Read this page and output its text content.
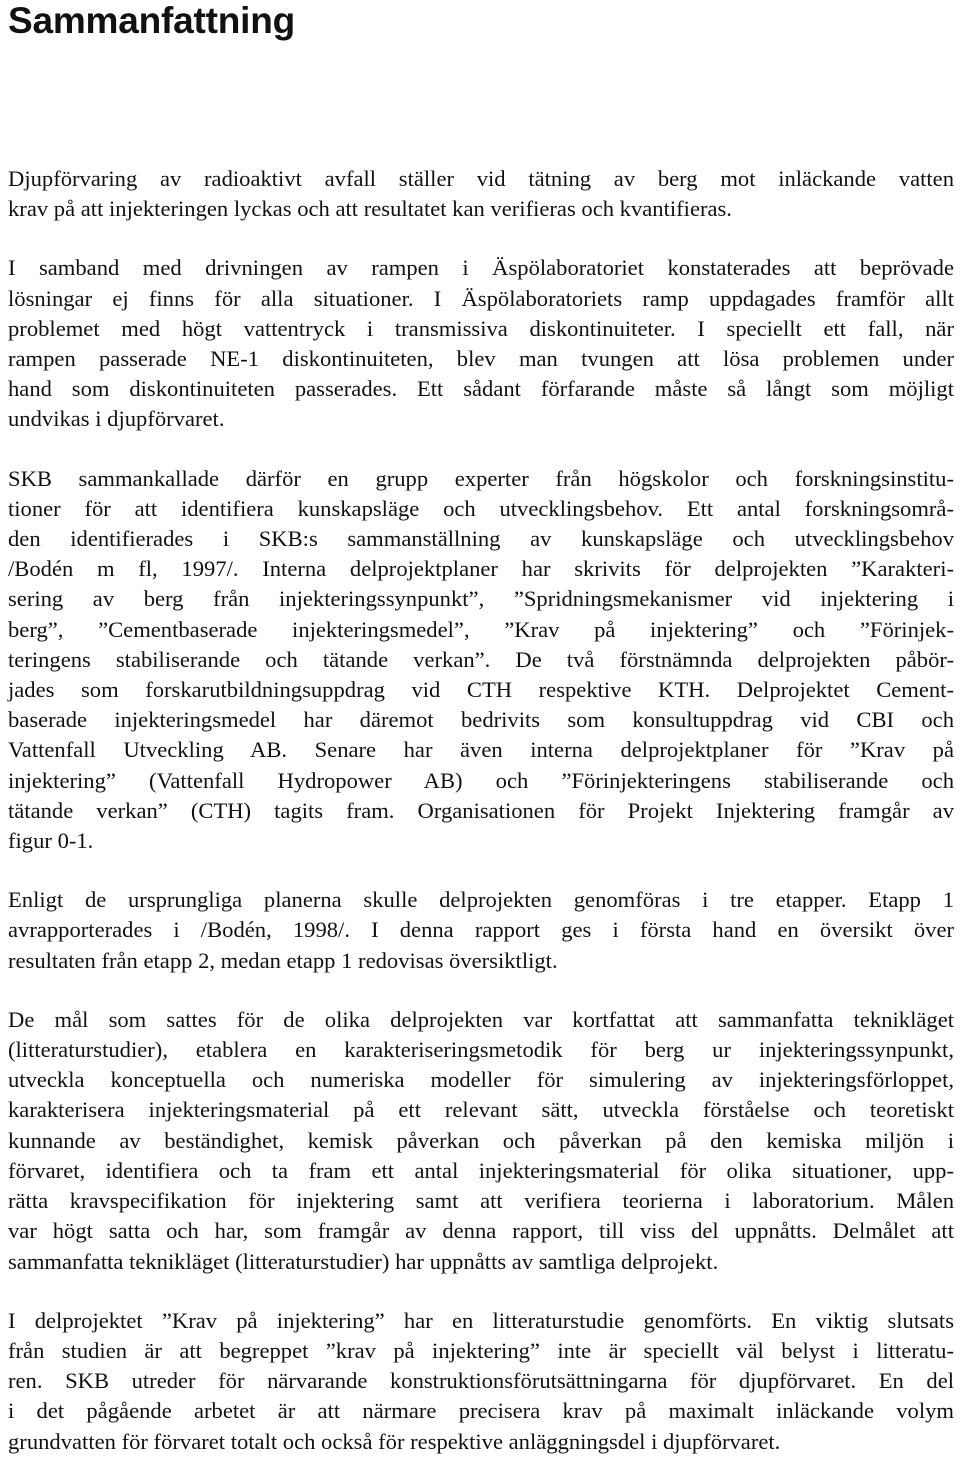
Sammanfattning

Djupförvaring av radioaktivt avfall ställer vid tätning av berg mot inläckande vatten
krav på att injekteringen lyckas och att resultatet kan verifieras och kvantifieras.

I samband med drivningen av rampen i Äspölaboratoriet konstaterades att beprövade
lösningar ej finns för alla situationer. I Äspölaboratoriets ramp uppdagades framför allt
problemet med högt vattentryck i transmissiva diskontinuiteter. I speciellt ett fall, när
rampen passerade NE-1 diskontinuiteten, blev man tvungen att lösa problemen under
hand som diskontinuiteten passerades. Ett sådant förfarande måste så långt som möjligt
undvikas i djupförvaret.

SKB sammankallade därför en grupp experter från högskolor och forskningsinstitu-
tioner för att identifiera kunskapsläge och utvecklingsbehov. Ett antal forskningsområ-
den identifierades i SKB:s sammanställning av kunskapsläge och utvecklingsbehov
/Bodén m fl, 1997/. Interna delprojektplaner har skrivits för delprojekten ”Karakteri-
sering av berg från injekteringssynpunkt”, ”Spridningsmekanismer vid injektering i
berg”, ”Cementbaserade injekteringsmedel”, ”Krav på injektering” och ”Förinjek-
teringens stabiliserande och tätande verkan”. De två förstnämnda delprojekten påbör-
jades som forskarutbildningsuppdrag vid CTH respektive KTH. Delprojektet Cement-
baserade injekteringsmedel har däremot bedrivits som konsultuppdrag vid CBI och
Vattenfall Utveckling AB. Senare har även interna delprojektplaner för ”Krav på
injektering” (Vattenfall Hydropower AB) och ”Förinjekteringens stabiliserande och
tätande verkan” (CTH) tagits fram. Organisationen för Projekt Injektering framgår av
figur 0-1.

Enligt de ursprungliga planerna skulle delprojekten genomföras i tre etapper. Etapp 1
avrapporterades i /Bodén, 1998/. I denna rapport ges i första hand en översikt över
resultaten från etapp 2, medan etapp 1 redovisas översiktligt.

De mål som sattes för de olika delprojekten var kortfattat att sammanfatta teknikläget
(litteraturstudier), etablera en karakteriseringsmetodik för berg ur injekteringssynpunkt,
utveckla konceptuella och numeriska modeller för simulering av injekteringsförloppet,
karakterisera injekteringsmaterial på ett relevant sätt, utveckla förståelse och teoretiskt
kunnande av beständighet, kemisk påverkan och påverkan på den kemiska miljön i
förvaret, identifiera och ta fram ett antal injekteringsmaterial för olika situationer, upp-
rätta kravspecifikation för injektering samt att verifiera teorierna i laboratorium. Målen
var högt satta och har, som framgår av denna rapport, till viss del uppnåtts. Delmålet att
sammanfatta teknikläget (litteraturstudier) har uppnåtts av samtliga delprojekt.

I delprojektet ”Krav på injektering” har en litteraturstudie genomförts. En viktig slutsats
från studien är att begreppet ”krav på injektering” inte är speciellt väl belyst i litteratu-
ren. SKB utreder för närvarande konstruktionsförutsättningarna för djupförvaret. En del
i det pågående arbetet är att närmare precisera krav på maximalt inläckande volym
grundvatten för förvaret totalt och också för respektive anläggningsdel i djupförvaret.
